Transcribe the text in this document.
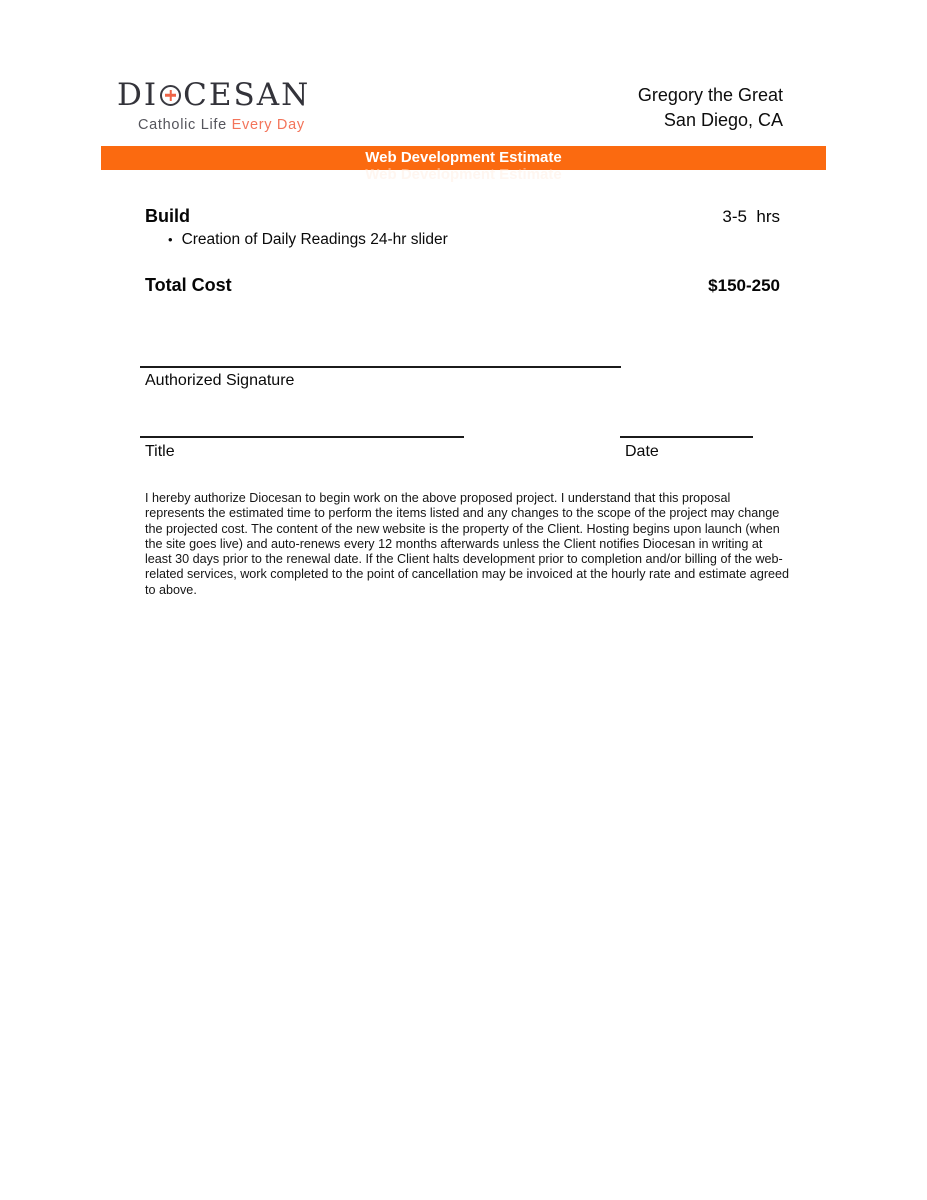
DI CESAN
Catholic Life Every Day
Gregory the Great
San Diego, CA
Web Development Estimate
Web Development Estimate
Build	3-5  hrs
• Creation of Daily Readings 24-hr slider
Total Cost	$150-250
Authorized Signature
Title	Date
I hereby authorize Diocesan to begin work on the above proposed project. I understand that this proposal represents the estimated time to perform the items listed and any changes to the scope of the project may change the projected cost. The content of the new website is the property of the Client. Hosting begins upon launch (when the site goes live) and auto-renews every 12 months afterwards unless the Client notifies Diocesan in writing at least 30 days prior to the renewal date. If the Client halts development prior to completion and/or billing of the web-related services, work completed to the point of cancellation may be invoiced at the hourly rate and estimate agreed to above.
